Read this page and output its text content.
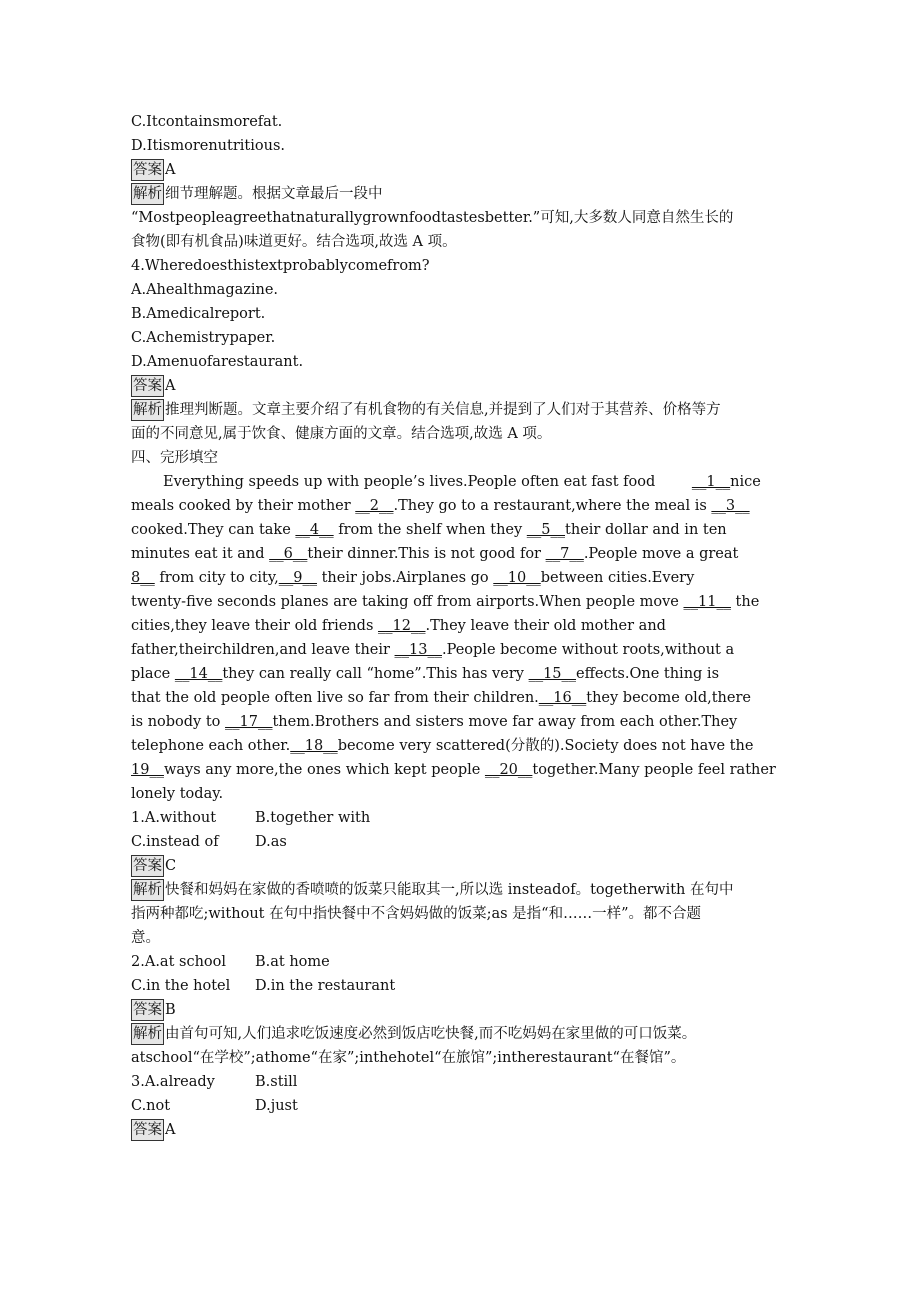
C.Itcontainsmorefat.
D.Itismorenutritious.
答案 A
解析 细节理解题。根据文章最后一段中
“Mostpeopleagreethatnaturallygrownfoodtastesbetter.”可知,大多数人同意自然生长的
食物(即有机食品)味道更好。结合选项,故选 A 项。
4.Wheredoesthistextprobablycomefrom?
A.Ahealthmagazine.
B.Amedicalreport.
C.Achemistrypaper.
D.Amenuofarestaurant.
答案 A
解析 推理判断题。文章主要介绍了有机食物的有关信息,并提到了人们对于其营养、价格等方
面的不同意见,属于饮食、健康方面的文章。结合选项,故选 A 项。
四、完形填空
Everything speeds up with people’s lives.People often eat fast food __1__nice
meals cooked by their mother __2__.They go to a restaurant,where the meal is __3__
cooked.They can take __4__ from the shelf when they __5__their dollar and in ten
minutes eat it and __6__their dinner.This is not good for __7__.People move a great
8__ from city to city,__9__ their jobs.Airplanes go __10__between cities.Every
twenty-five seconds planes are taking off from airports.When people move __11__ the
cities,they leave their old friends __12__.They leave their old mother and
father,theirchildren,and leave their __13__.People become without roots,without a
place __14__they can really call “home”.This has very __15__effects.One thing is
that the old people often live so far from their children.__16__they become old,there
is nobody to __17__them.Brothers and sisters move far away from each other.They
telephone each other.__18__become very scattered(分散的).Society does not have the
19__ways any more,the ones which kept people __20__together.Many people feel rather
lonely today.
1.A.without	B.together with
C.instead of	D.as
答案 C
解析 快餐和妈妈在家做的香喷喷的饭菜只能取其一,所以选 insteadof。togetherwith 在句中
指两种都吃;without 在句中指快餐中不含妈妈做的饭菜;as 是指“和……一样”。都不合题
意。
2.A.at school	B.at home
C.in the hotel	D.in the restaurant
答案 B
解析 由首句可知,人们追求吃饭速度必然到饭店吃快餐,而不吃妈妈在家里做的可口饭菜。
atschool“在学校”;athome“在家”;inthehotel“在旅馆”;intherestaurant“在餐馆”。
3.A.already	B.still
C.not	D.just
答案 A
